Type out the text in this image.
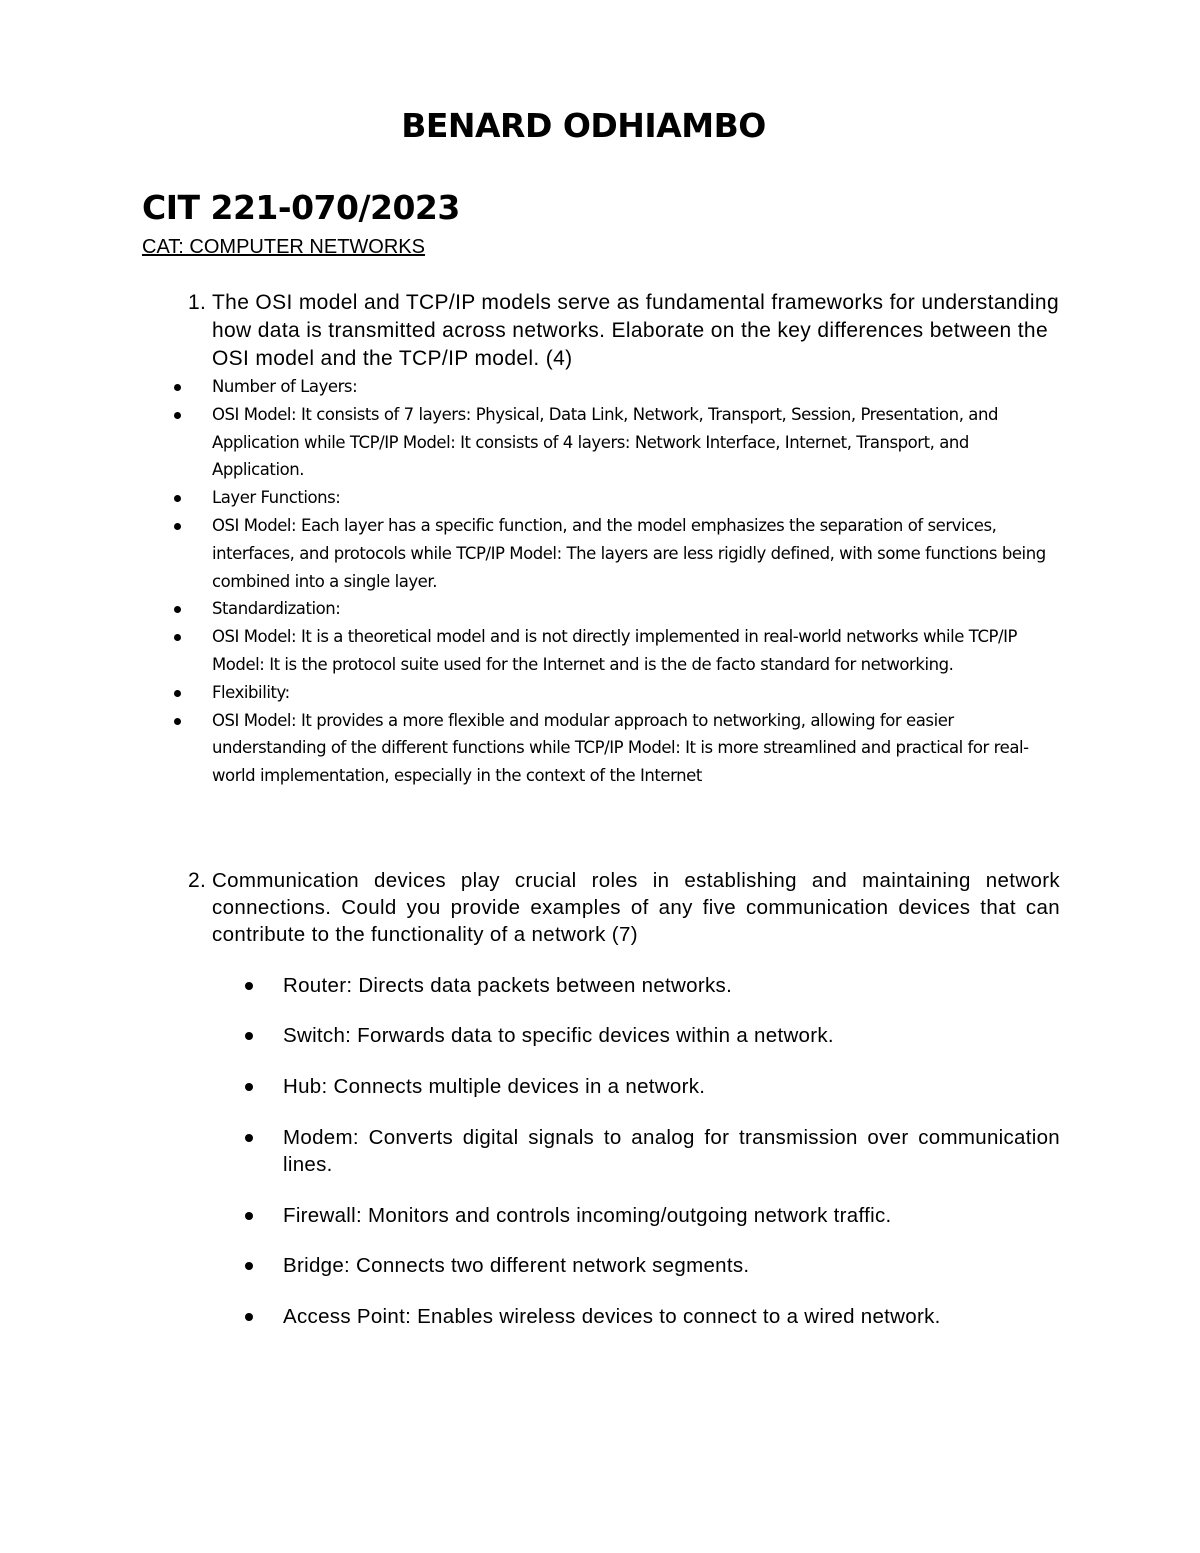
BENARD ODHIAMBO
CIT 221-070/2023

CAT: COMPUTER NETWORKS

1. The OSI model and TCP/IP models serve as fundamental frameworks for understanding how data is transmitted across networks. Elaborate on the key differences between the OSI model and the TCP/IP model. (4)
Number of Layers:
OSI Model: It consists of 7 layers: Physical, Data Link, Network, Transport, Session, Presentation, and Application while TCP/IP Model: It consists of 4 layers: Network Interface, Internet, Transport, and Application.
Layer Functions:
OSI Model: Each layer has a specific function, and the model emphasizes the separation of services, interfaces, and protocols while TCP/IP Model: The layers are less rigidly defined, with some functions being combined into a single layer.
Standardization:
OSI Model: It is a theoretical model and is not directly implemented in real-world networks while TCP/IP Model: It is the protocol suite used for the Internet and is the de facto standard for networking.
Flexibility:
OSI Model: It provides a more flexible and modular approach to networking, allowing for easier understanding of the different functions while TCP/IP Model: It is more streamlined and practical for real-world implementation, especially in the context of the Internet
2. Communication devices play crucial roles in establishing and maintaining network connections. Could you provide examples of any five communication devices that can contribute to the functionality of a network (7)
Router: Directs data packets between networks.
Switch: Forwards data to specific devices within a network.
Hub: Connects multiple devices in a network.
Modem: Converts digital signals to analog for transmission over communication lines.
Firewall: Monitors and controls incoming/outgoing network traffic.
Bridge: Connects two different network segments.
Access Point: Enables wireless devices to connect to a wired network.
